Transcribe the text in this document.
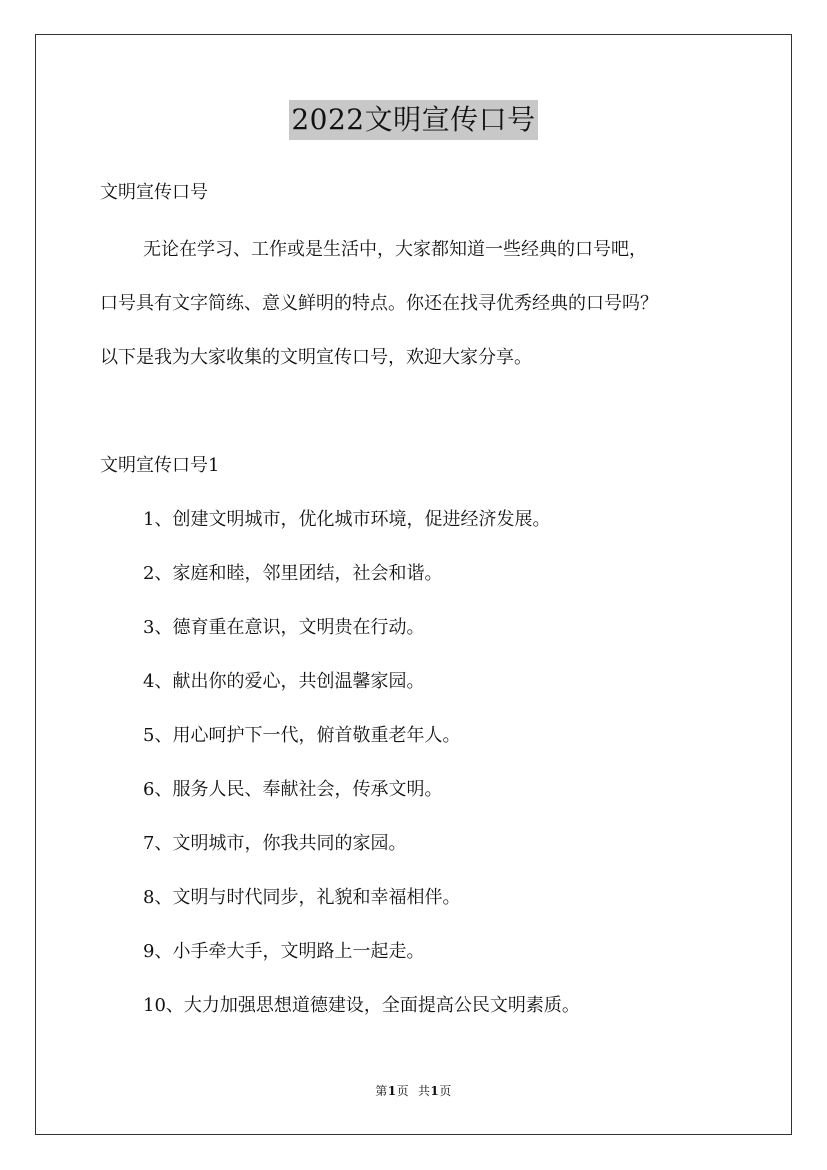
2022文明宣传口号
文明宣传口号
无论在学习、工作或是生活中，大家都知道一些经典的口号吧，
口号具有文字简练、意义鲜明的特点。你还在找寻优秀经典的口号吗？
以下是我为大家收集的文明宣传口号，欢迎大家分享。
文明宣传口号1
1、创建文明城市，优化城市环境，促进经济发展。
2、家庭和睦，邻里团结，社会和谐。
3、德育重在意识，文明贵在行动。
4、献出你的爱心，共创温馨家园。
5、用心呵护下一代，俯首敬重老年人。
6、服务人民、奉献社会，传承文明。
7、文明城市，你我共同的家园。
8、文明与时代同步，礼貌和幸福相伴。
9、小手牵大手，文明路上一起走。
10、大力加强思想道德建设，全面提高公民文明素质。
第1页 共1页
